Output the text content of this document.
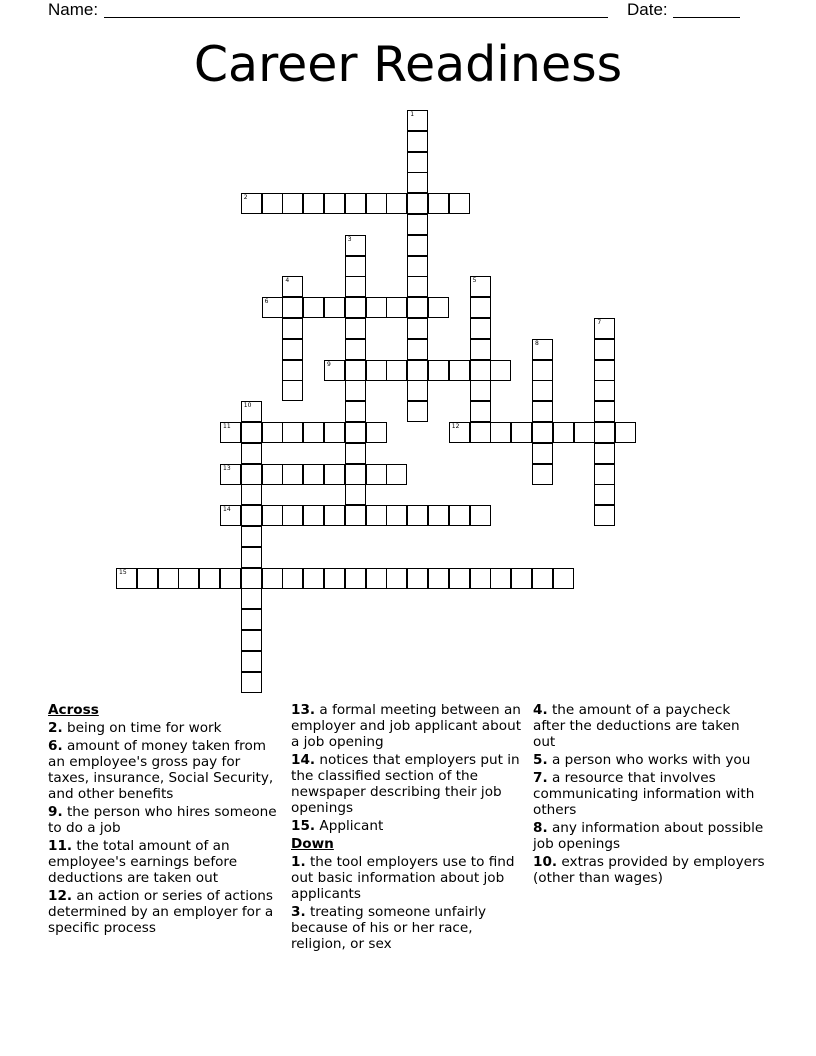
Name:	Date:
Career Readiness
1
2
3
4	5
6
7
8
9
10
11	12
13
14
15
Across
2. being on time for work
6. amount of money taken from an employee's gross pay for taxes, insurance, Social Security, and other benefits
9. the person who hires someone to do a job
11. the total amount of an employee's earnings before deductions are taken out
12. an action or series of actions determined by an employer for a specific process
13. a formal meeting between an employer and job applicant about a job opening
14. notices that employers put in the classified section of the newspaper describing their job openings
15. Applicant
Down
1. the tool employers use to find out basic information about job applicants
3. treating someone unfairly because of his or her race, religion, or sex
4. the amount of a paycheck after the deductions are taken out
5. a person who works with you
7. a resource that involves communicating information with others
8. any information about possible job openings
10. extras provided by employers (other than wages)
